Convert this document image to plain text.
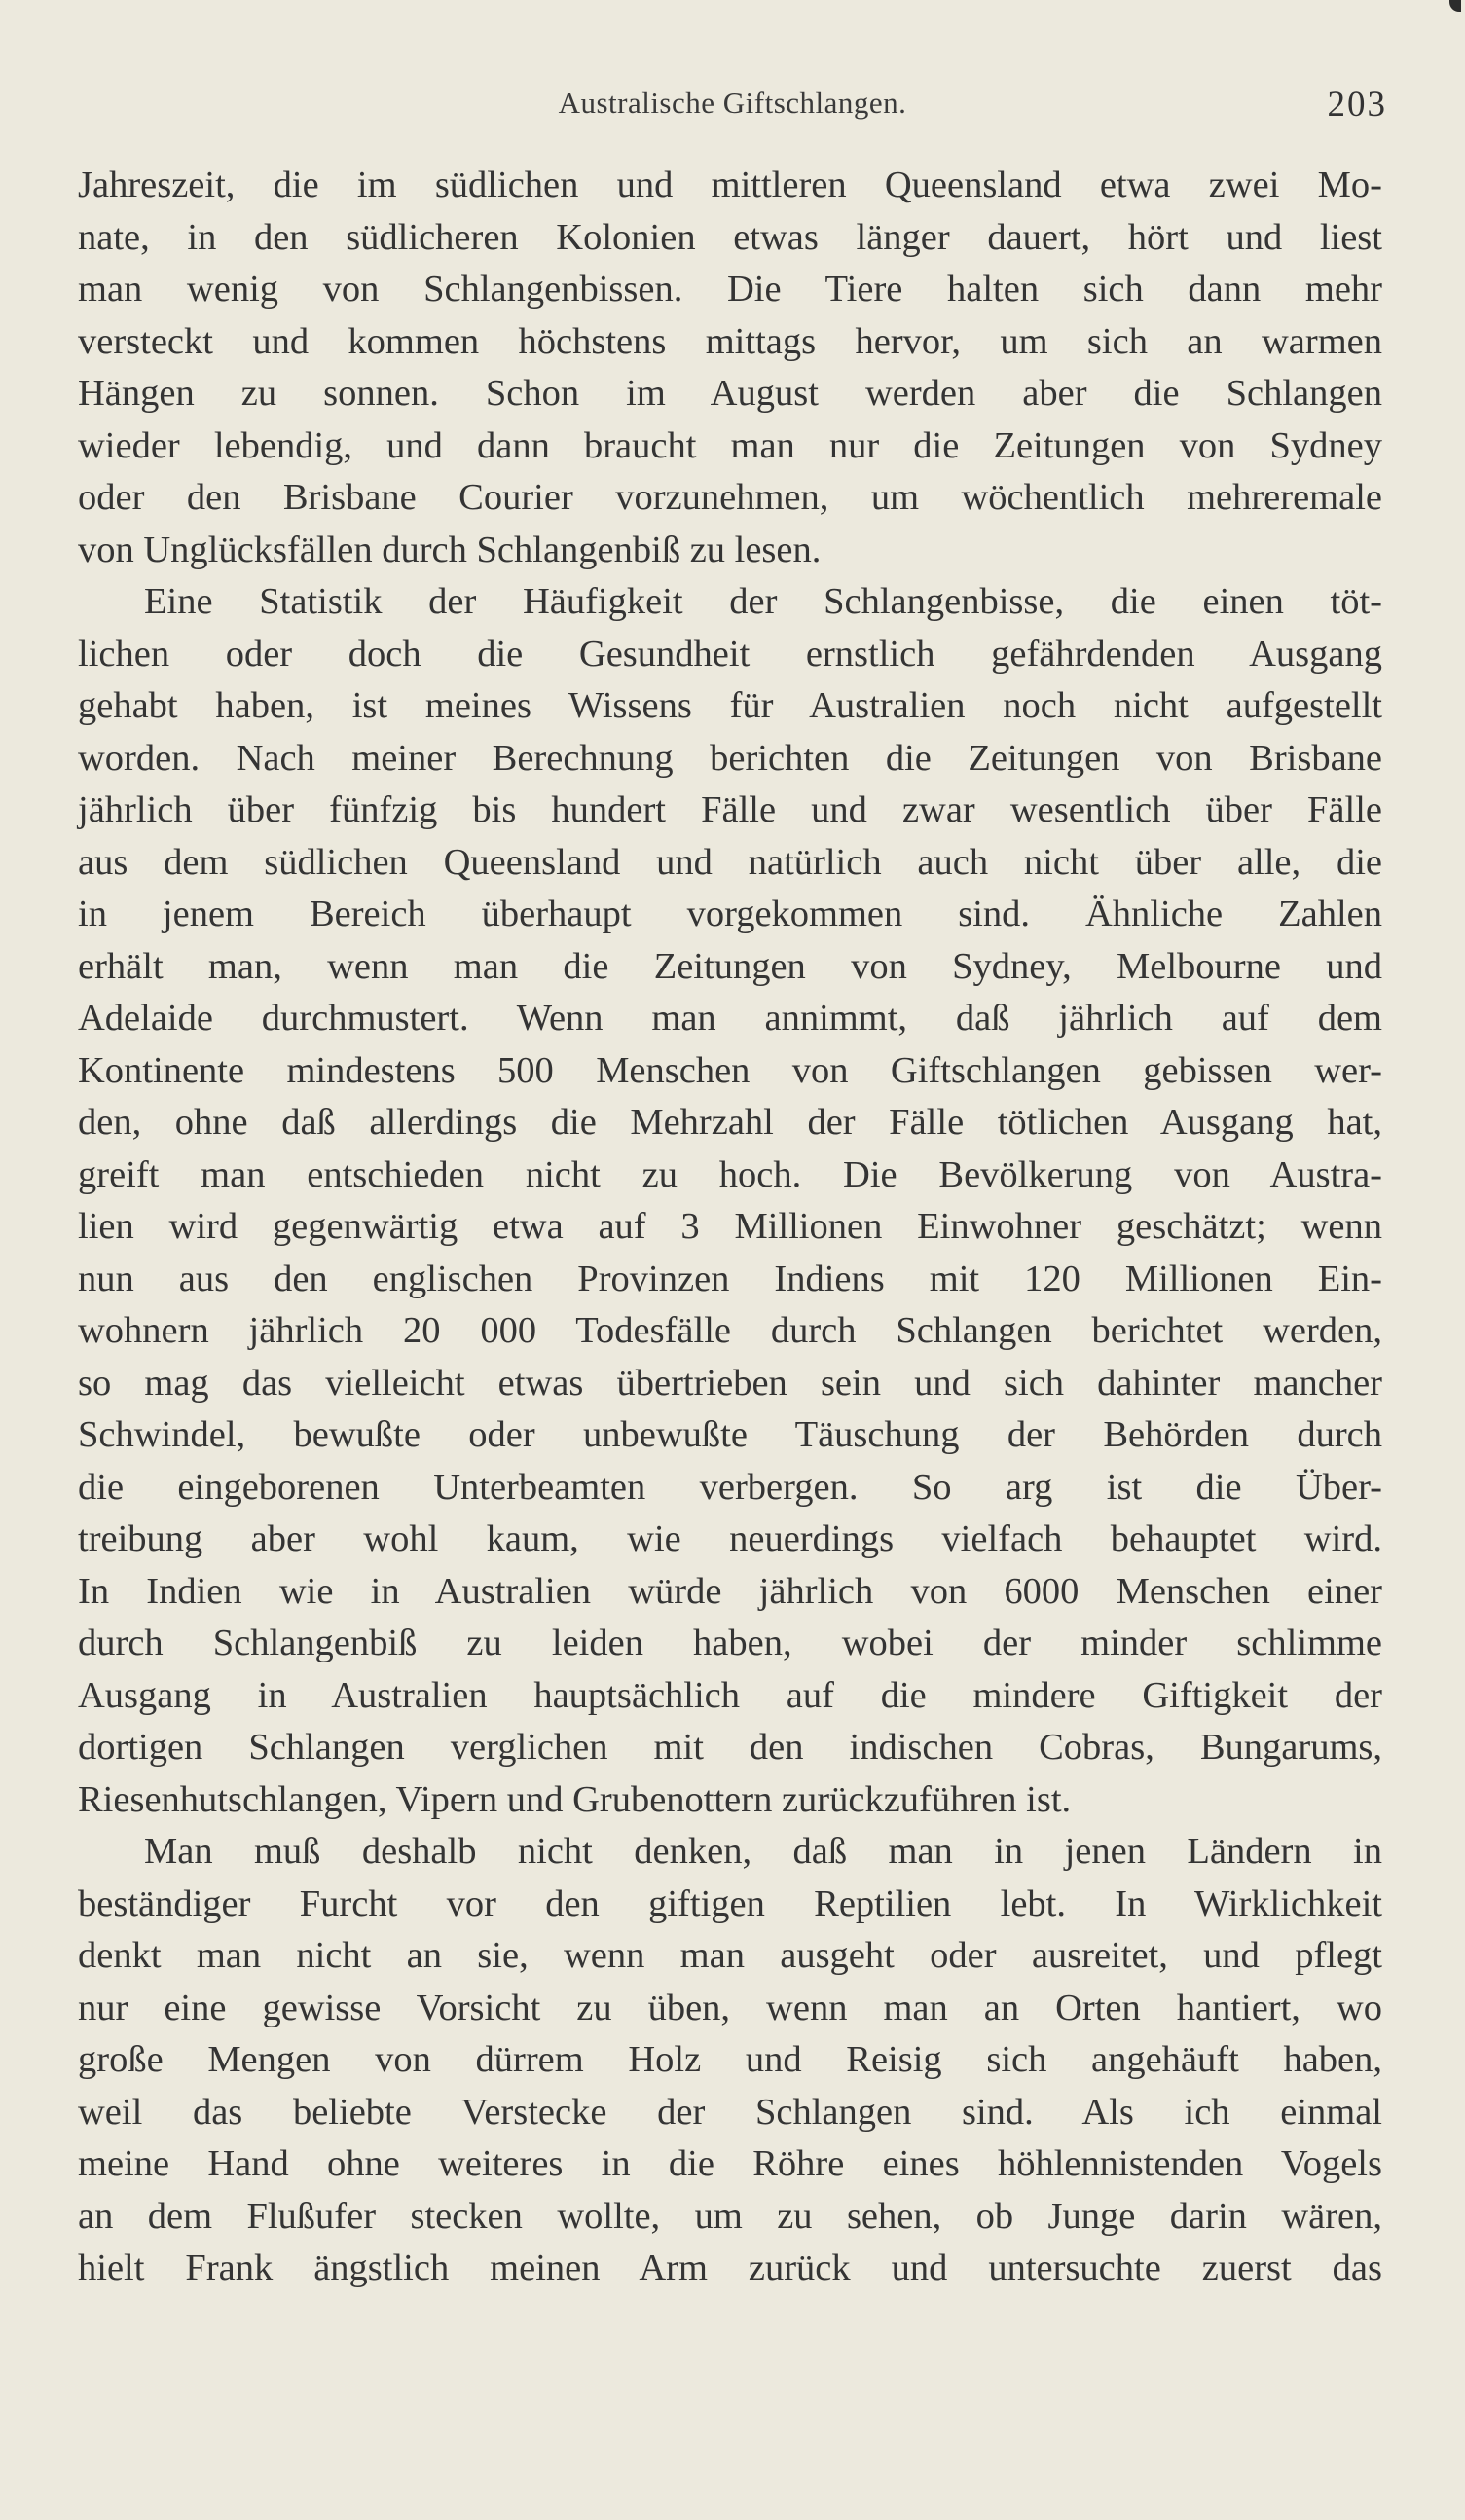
Australische Giftschlangen.	203
Jahreszeit, die im südlichen und mittleren Queensland etwa zwei Mo-
nate, in den südlicheren Kolonien etwas länger dauert, hört und liest
man wenig von Schlangenbissen. Die Tiere halten sich dann mehr
versteckt und kommen höchstens mittags hervor, um sich an warmen
Hängen zu sonnen. Schon im August werden aber die Schlangen
wieder lebendig, und dann braucht man nur die Zeitungen von Sydney
oder den Brisbane Courier vorzunehmen, um wöchentlich mehreremale
von Unglücksfällen durch Schlangenbiß zu lesen.
Eine Statistik der Häufigkeit der Schlangenbisse, die einen töt-
lichen oder doch die Gesundheit ernstlich gefährdenden Ausgang
gehabt haben, ist meines Wissens für Australien noch nicht aufgestellt
worden. Nach meiner Berechnung berichten die Zeitungen von Brisbane
jährlich über fünfzig bis hundert Fälle und zwar wesentlich über Fälle
aus dem südlichen Queensland und natürlich auch nicht über alle, die
in jenem Bereich überhaupt vorgekommen sind. Ähnliche Zahlen
erhält man, wenn man die Zeitungen von Sydney, Melbourne und
Adelaide durchmustert. Wenn man annimmt, daß jährlich auf dem
Kontinente mindestens 500 Menschen von Giftschlangen gebissen wer-
den, ohne daß allerdings die Mehrzahl der Fälle tötlichen Ausgang hat,
greift man entschieden nicht zu hoch. Die Bevölkerung von Austra-
lien wird gegenwärtig etwa auf 3 Millionen Einwohner geschätzt; wenn
nun aus den englischen Provinzen Indiens mit 120 Millionen Ein-
wohnern jährlich 20 000 Todesfälle durch Schlangen berichtet werden,
so mag das vielleicht etwas übertrieben sein und sich dahinter mancher
Schwindel, bewußte oder unbewußte Täuschung der Behörden durch
die eingeborenen Unterbeamten verbergen. So arg ist die Über-
treibung aber wohl kaum, wie neuerdings vielfach behauptet wird.
In Indien wie in Australien würde jährlich von 6000 Menschen einer
durch Schlangenbiß zu leiden haben, wobei der minder schlimme
Ausgang in Australien hauptsächlich auf die mindere Giftigkeit der
dortigen Schlangen verglichen mit den indischen Cobras, Bungarums,
Riesenhutschlangen, Vipern und Grubenottern zurückzuführen ist.
Man muß deshalb nicht denken, daß man in jenen Ländern in
beständiger Furcht vor den giftigen Reptilien lebt. In Wirklichkeit
denkt man nicht an sie, wenn man ausgeht oder ausreitet, und pflegt
nur eine gewisse Vorsicht zu üben, wenn man an Orten hantiert, wo
große Mengen von dürrem Holz und Reisig sich angehäuft haben,
weil das beliebte Verstecke der Schlangen sind. Als ich einmal
meine Hand ohne weiteres in die Röhre eines höhlennistenden Vogels
an dem Flußufer stecken wollte, um zu sehen, ob Junge darin wären,
hielt Frank ängstlich meinen Arm zurück und untersuchte zuerst das
